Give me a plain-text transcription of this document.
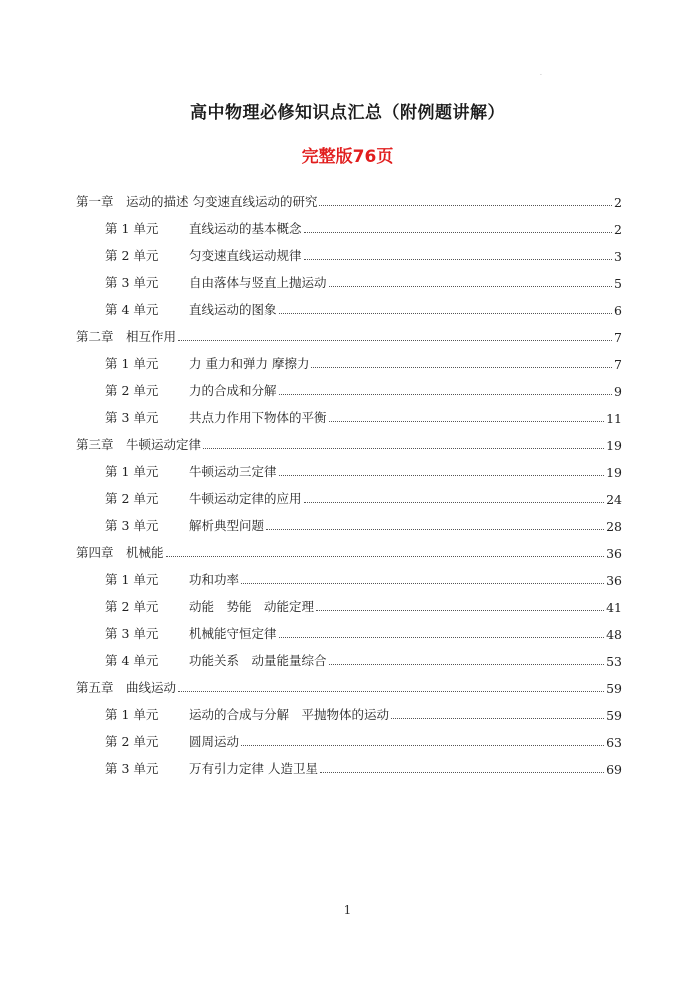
·
高中物理必修知识点汇总（附例题讲解）
完整版76页
第一章　运动的描述 匀变速直线运动的研究	2
第 1 单元	直线运动的基本概念	2
第 2 单元	匀变速直线运动规律	3
第 3 单元	自由落体与竖直上抛运动	5
第 4 单元	直线运动的图象	6
第二章　相互作用	7
第 1 单元	力 重力和弹力 摩擦力	7
第 2 单元	力的合成和分解	9
第 3 单元	共点力作用下物体的平衡	11
第三章　牛顿运动定律	19
第 1 单元	牛顿运动三定律	19
第 2 单元	牛顿运动定律的应用	24
第 3 单元	解析典型问题	28
第四章　机械能	36
第 1 单元	功和功率	36
第 2 单元	动能　势能　动能定理	41
第 3 单元	机械能守恒定律	48
第 4 单元	功能关系　动量能量综合	53
第五章　曲线运动	59
第 1 单元	运动的合成与分解　平抛物体的运动	59
第 2 单元	圆周运动	63
第 3 单元	万有引力定律 人造卫星	69
1
